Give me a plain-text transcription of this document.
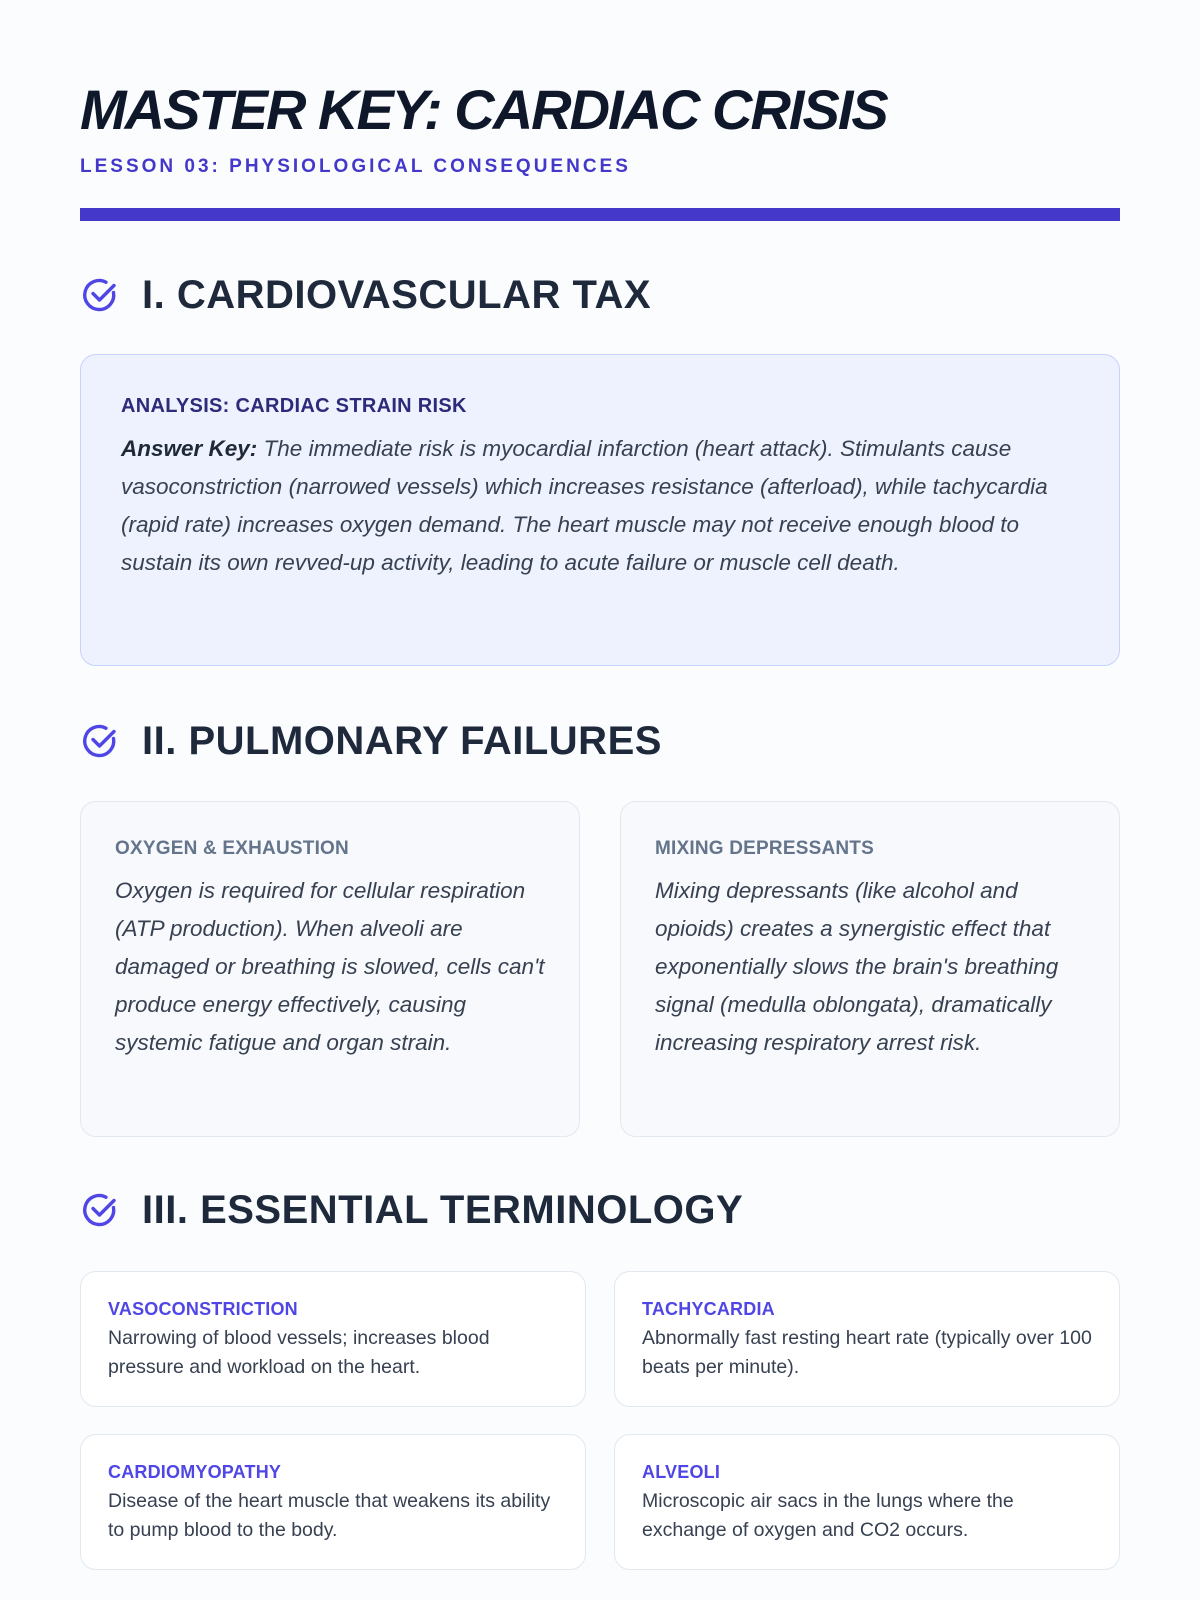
MASTER KEY: CARDIAC CRISIS
LESSON 03: PHYSIOLOGICAL CONSEQUENCES
I. CARDIOVASCULAR TAX
ANALYSIS: CARDIAC STRAIN RISK
Answer Key: The immediate risk is myocardial infarction (heart attack). Stimulants cause vasoconstriction (narrowed vessels) which increases resistance (afterload), while tachycardia (rapid rate) increases oxygen demand. The heart muscle may not receive enough blood to sustain its own revved-up activity, leading to acute failure or muscle cell death.
II. PULMONARY FAILURES
OXYGEN & EXHAUSTION
Oxygen is required for cellular respiration (ATP production). When alveoli are damaged or breathing is slowed, cells can't produce energy effectively, causing systemic fatigue and organ strain.
MIXING DEPRESSANTS
Mixing depressants (like alcohol and opioids) creates a synergistic effect that exponentially slows the brain's breathing signal (medulla oblongata), dramatically increasing respiratory arrest risk.
III. ESSENTIAL TERMINOLOGY
VASOCONSTRICTION
Narrowing of blood vessels; increases blood pressure and workload on the heart.
TACHYCARDIA
Abnormally fast resting heart rate (typically over 100 beats per minute).
CARDIOMYOPATHY
Disease of the heart muscle that weakens its ability to pump blood to the body.
ALVEOLI
Microscopic air sacs in the lungs where the exchange of oxygen and CO2 occurs.
